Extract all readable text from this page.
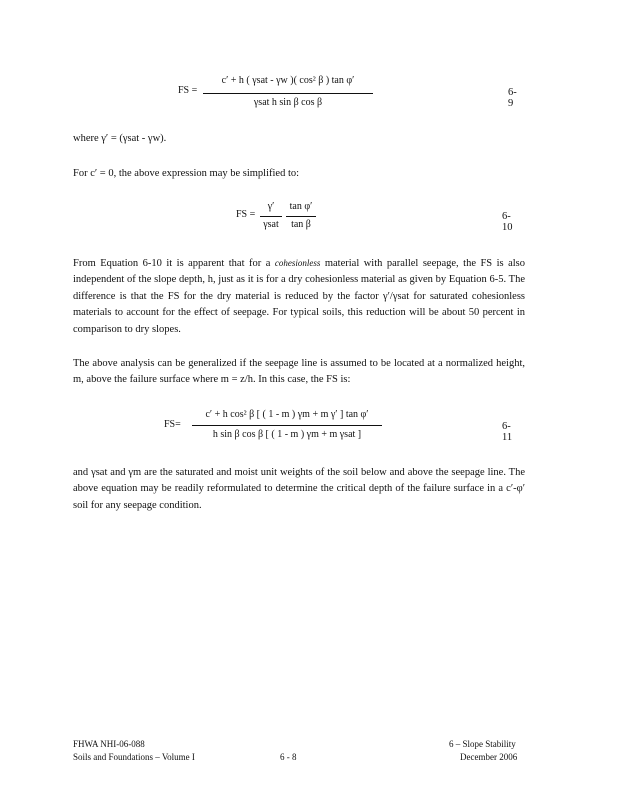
FS =
c′ + h ( γsat - γw )( cos² β ) tan φ′
γsat h sin β cos β
6-9
where γ′ = (γsat - γw).
For c′ = 0, the above expression may be simplified to:
FS =
γ′
γsat
tan φ′
tan β
6-10
From Equation 6-10 it is apparent that for a cohesionless material with parallel seepage, the FS is also independent of the slope depth, h, just as it is for a dry cohesionless material as given by Equation 6-5. The difference is that the FS for the dry material is reduced by the factor γ′/γsat for saturated cohesionless materials to account for the effect of seepage. For typical soils, this reduction will be about 50 percent in comparison to dry slopes.
The above analysis can be generalized if the seepage line is assumed to be located at a normalized height, m, above the failure surface where m = z/h. In this case, the FS is:
FS=
c′ + h cos² β [ ( 1 - m ) γm + m γ′ ] tan φ′
h sin β cos β [ ( 1 - m ) γm + m γsat ]
6-11
and γsat and γm are the saturated and moist unit weights of the soil below and above the seepage line. The above equation may be readily reformulated to determine the critical depth of the failure surface in a c′-φ′ soil for any seepage condition.
FHWA NHI-06-088
Soils and Foundations – Volume I	6 - 8
6 – Slope Stability
December 2006
